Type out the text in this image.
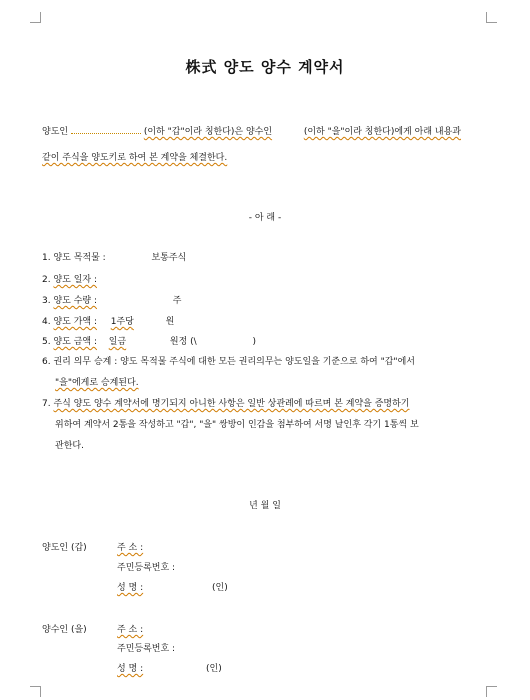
株式 양도 양수 계약서
양도인	(이하 "갑"이라 칭한다)은 양수인	(이하 "을"이라 칭한다)에게 아래 내용과
같이 주식을 양도키로 하여 본 계약을 체결한다.
- 아 래 -
1. 양도 목적물 :	보통주식
2. 양도 일자 :
3. 양도 수량 :	주
4. 양도 가액 : 1주당	원
5. 양도 금액 : 일금	원정 (\	)
6. 권리 의무 승계 : 양도 목적물 주식에 대한 모든 권리의무는 양도일을 기준으로 하여 "갑"에서
"을"에게로 승계된다.
7. 주식 양도 양수 계약서에 명기되지 아니한 사항은 일반 상관례에 따르며 본 계약을 증명하기
위하여 계약서 2통을 작성하고 "갑", "을" 쌍방이 인감을 첨부하여 서명 날인후 각기 1통씩 보
관한다.
년 월 일
양도인 (갑)	주 소 :
주민등록번호 :
성 명 :	(인)
양수인 (을)	주 소 :
주민등록번호 :
성 명 :	(인)
